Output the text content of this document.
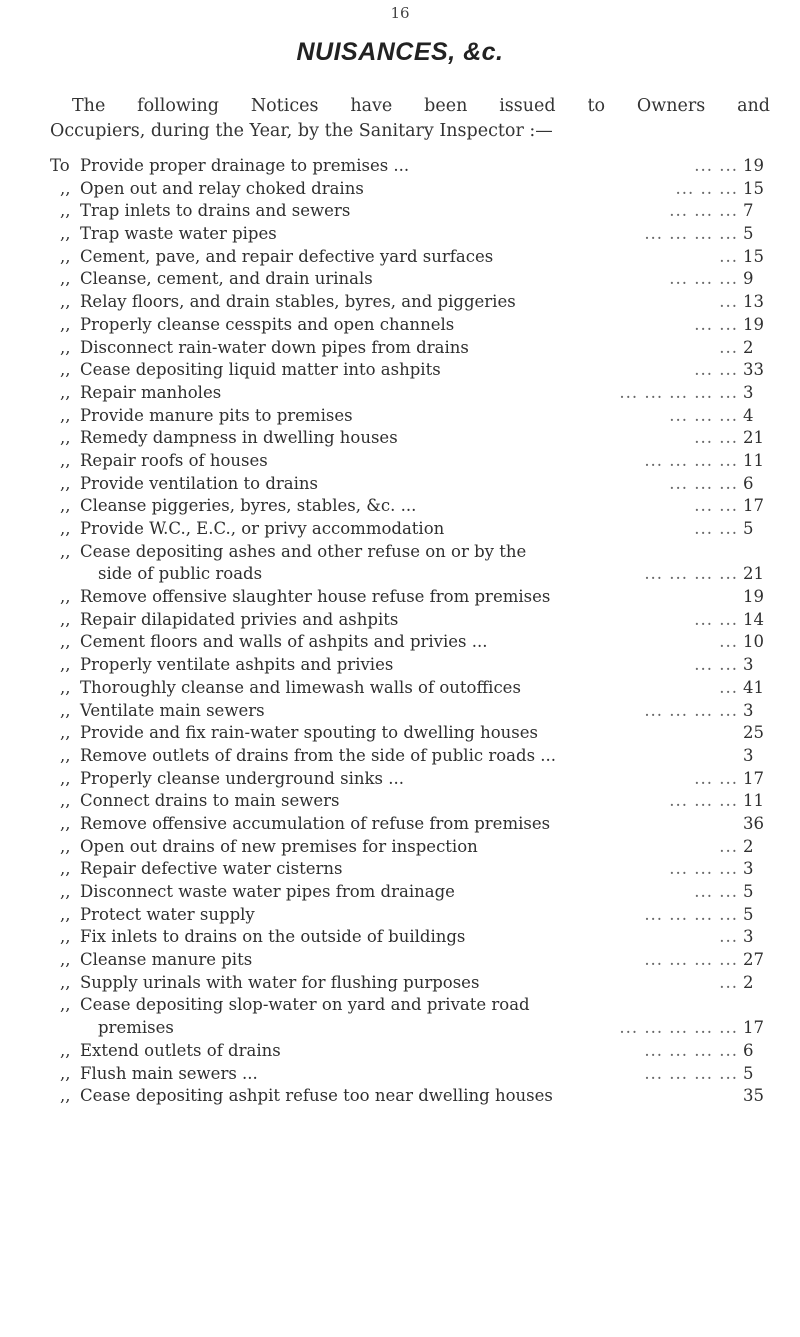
16
NUISANCES, &c.
The following Notices have been issued to Owners and
Occupiers, during the Year, by the Sanitary Inspector :—
To Provide proper drainage to premises ...	... ... 19
,, Open out and relay choked drains	... .. ... 15
,, Trap inlets to drains and sewers	... ... ... 7
,, Trap waste water pipes	... ... ... ... 5
,, Cement, pave, and repair defective yard surfaces	... 15
,, Cleanse, cement, and drain urinals	... ... ... 9
,, Relay floors, and drain stables, byres, and piggeries	... 13
,, Properly cleanse cesspits and open channels	... ... 19
,, Disconnect rain-water down pipes from drains	... 2
,, Cease depositing liquid matter into ashpits	... ... 33
,, Repair manholes	... ... ... ... ... 3
,, Provide manure pits to premises	... ... ... 4
,, Remedy dampness in dwelling houses	... ... 21
,, Repair roofs of houses	... ... ... ... 11
,, Provide ventilation to drains	... ... ... 6
,, Cleanse piggeries, byres, stables, &c. ...	... ... 17
,, Provide W.C., E.C., or privy accommodation	... ... 5
,, Cease depositing ashes and other refuse on or by the
side of public roads	... ... ... ... 21
,, Remove offensive slaughter house refuse from premises	19
,, Repair dilapidated privies and ashpits	... ... 14
,, Cement floors and walls of ashpits and privies ...	... 10
,, Properly ventilate ashpits and privies	... ... 3
,, Thoroughly cleanse and limewash walls of outoffices	... 41
,, Ventilate main sewers	... ... ... ... 3
,, Provide and fix rain-water spouting to dwelling houses	25
,, Remove outlets of drains from the side of public roads ...	3
,, Properly cleanse underground sinks ...	... ... 17
,, Connect drains to main sewers	... ... ... 11
,, Remove offensive accumulation of refuse from premises	36
,, Open out drains of new premises for inspection	... 2
,, Repair defective water cisterns	... ... ... 3
,, Disconnect waste water pipes from drainage	... ... 5
,, Protect water supply	... ... ... ... 5
,, Fix inlets to drains on the outside of buildings	... 3
,, Cleanse manure pits	... ... ... ... 27
,, Supply urinals with water for flushing purposes	... 2
,, Cease depositing slop-water on yard and private road
premises	... ... ... ... ... 17
,, Extend outlets of drains	... ... ... ... 6
,, Flush main sewers ...	... ... ... ... 5
,, Cease depositing ashpit refuse too near dwelling houses	35
